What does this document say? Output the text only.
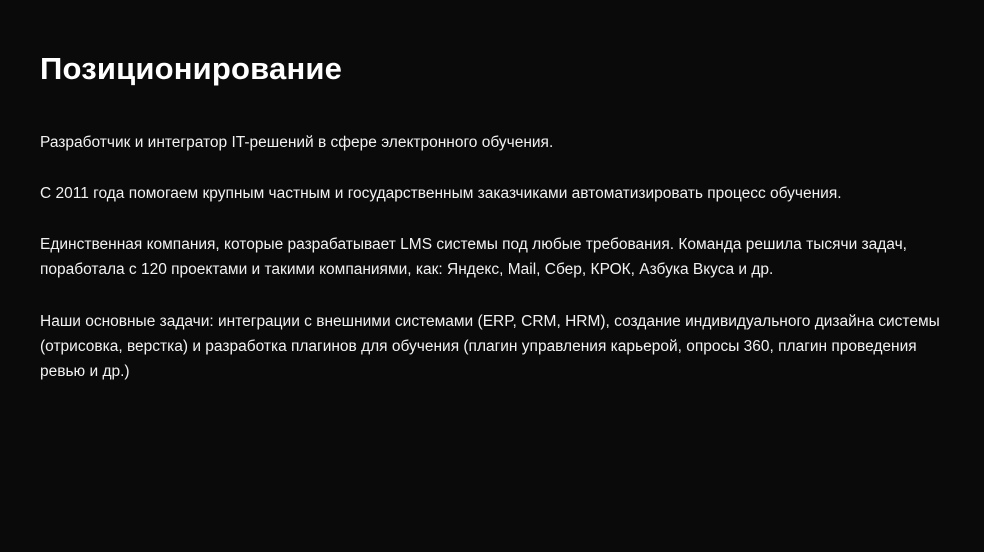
Позиционирование

Разработчик и интегратор IT-решений в сфере электронного обучения.

С 2011 года помогаем крупным частным и государственным заказчиками автоматизировать процесс обучения.

Единственная компания, которые разрабатывает LMS системы под любые требования. Команда решила тысячи задач, поработала с 120 проектами и такими компаниями, как: Яндекс, Mail, Сбер, КРОК, Азбука Вкуса и др.

Наши основные задачи: интеграции с внешними системами (ERP, CRM, HRM), создание индивидуального дизайна системы (отрисовка, верстка) и разработка плагинов для обучения (плагин управления карьерой, опросы 360, плагин проведения ревью и др.)
